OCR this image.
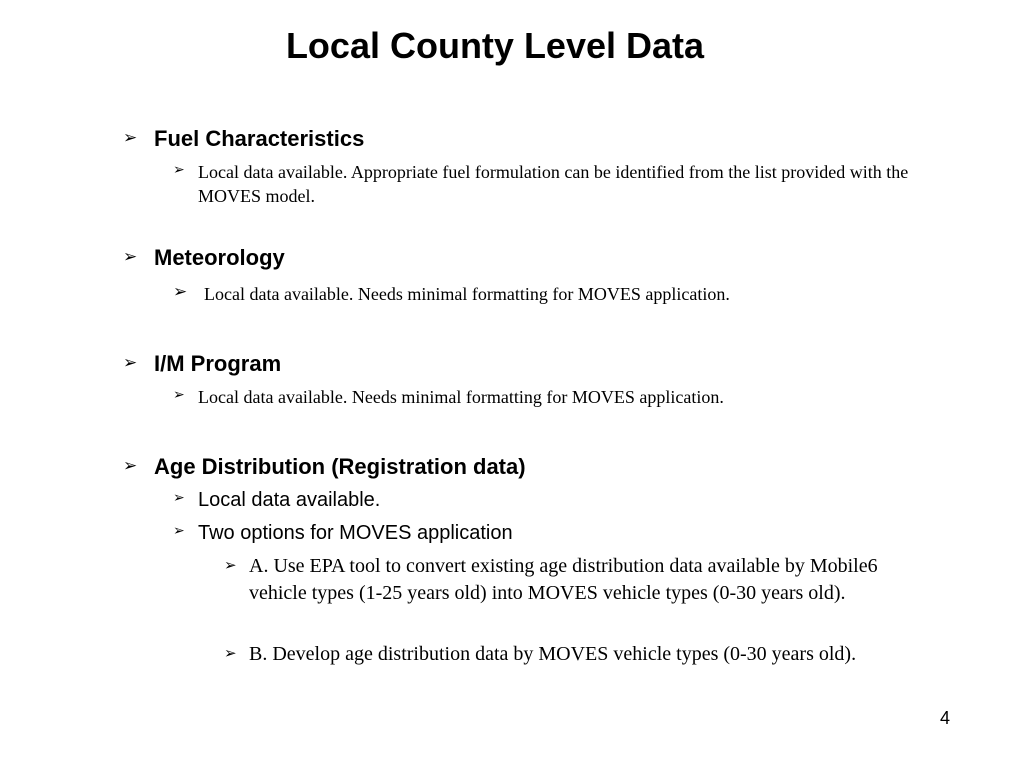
Local County Level Data
➢ Fuel Characteristics
➢ Local data available. Appropriate fuel formulation can be identified from the list provided with the MOVES model.
➢ Meteorology
➢ Local data available. Needs minimal formatting for MOVES application.
➢ I/M Program
➢ Local data available. Needs minimal formatting for MOVES application.
➢ Age Distribution (Registration data)
➢ Local data available.
➢ Two options for MOVES application
➢ A. Use EPA tool to convert existing age distribution data available by Mobile6 vehicle types (1-25 years old) into MOVES vehicle types (0-30 years old).
➢ B. Develop age distribution data by MOVES vehicle types (0-30 years old).
4
